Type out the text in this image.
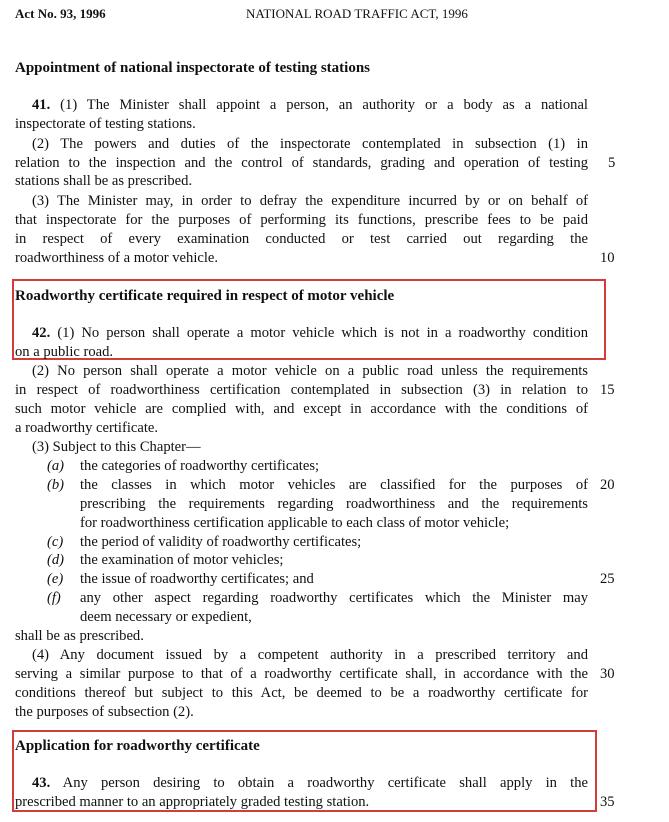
Act No. 93, 1996	NATIONAL ROAD TRAFFIC ACT, 1996
Appointment of national inspectorate of testing stations
41. (1) The Minister shall appoint a person, an authority or a body as a national
inspectorate of testing stations.
(2) The powers and duties of the inspectorate contemplated in subsection (1) in
relation to the inspection and the control of standards, grading and operation of testing
stations shall be as prescribed.
(3) The Minister may, in order to defray the expenditure incurred by or on behalf of
that inspectorate for the purposes of performing its functions, prescribe fees to be paid
in respect of every examination conducted or test carried out regarding the
roadworthiness of a motor vehicle.
Roadworthy certificate required in respect of motor vehicle
42. (1) No person shall operate a motor vehicle which is not in a roadworthy condition
on a public road.
(2) No person shall operate a motor vehicle on a public road unless the requirements
in respect of roadworthiness certification contemplated in subsection (3) in relation to
such motor vehicle are complied with, and except in accordance with the conditions of
a roadworthy certificate.
(3) Subject to this Chapter—
(a) the categories of roadworthy certificates;
(b) the classes in which motor vehicles are classified for the purposes of
prescribing the requirements regarding roadworthiness and the requirements
for roadworthiness certification applicable to each class of motor vehicle;
(c) the period of validity of roadworthy certificates;
(d) the examination of motor vehicles;
(e) the issue of roadworthy certificates; and
(f) any other aspect regarding roadworthy certificates which the Minister may
deem necessary or expedient,
shall be as prescribed.
(4) Any document issued by a competent authority in a prescribed territory and
serving a similar purpose to that of a roadworthy certificate shall, in accordance with the
conditions thereof but subject to this Act, be deemed to be a roadworthy certificate for
the purposes of subsection (2).
Application for roadworthy certificate
43. Any person desiring to obtain a roadworthy certificate shall apply in the
prescribed manner to an appropriately graded testing station.
5
10
15
20
25
30
35
